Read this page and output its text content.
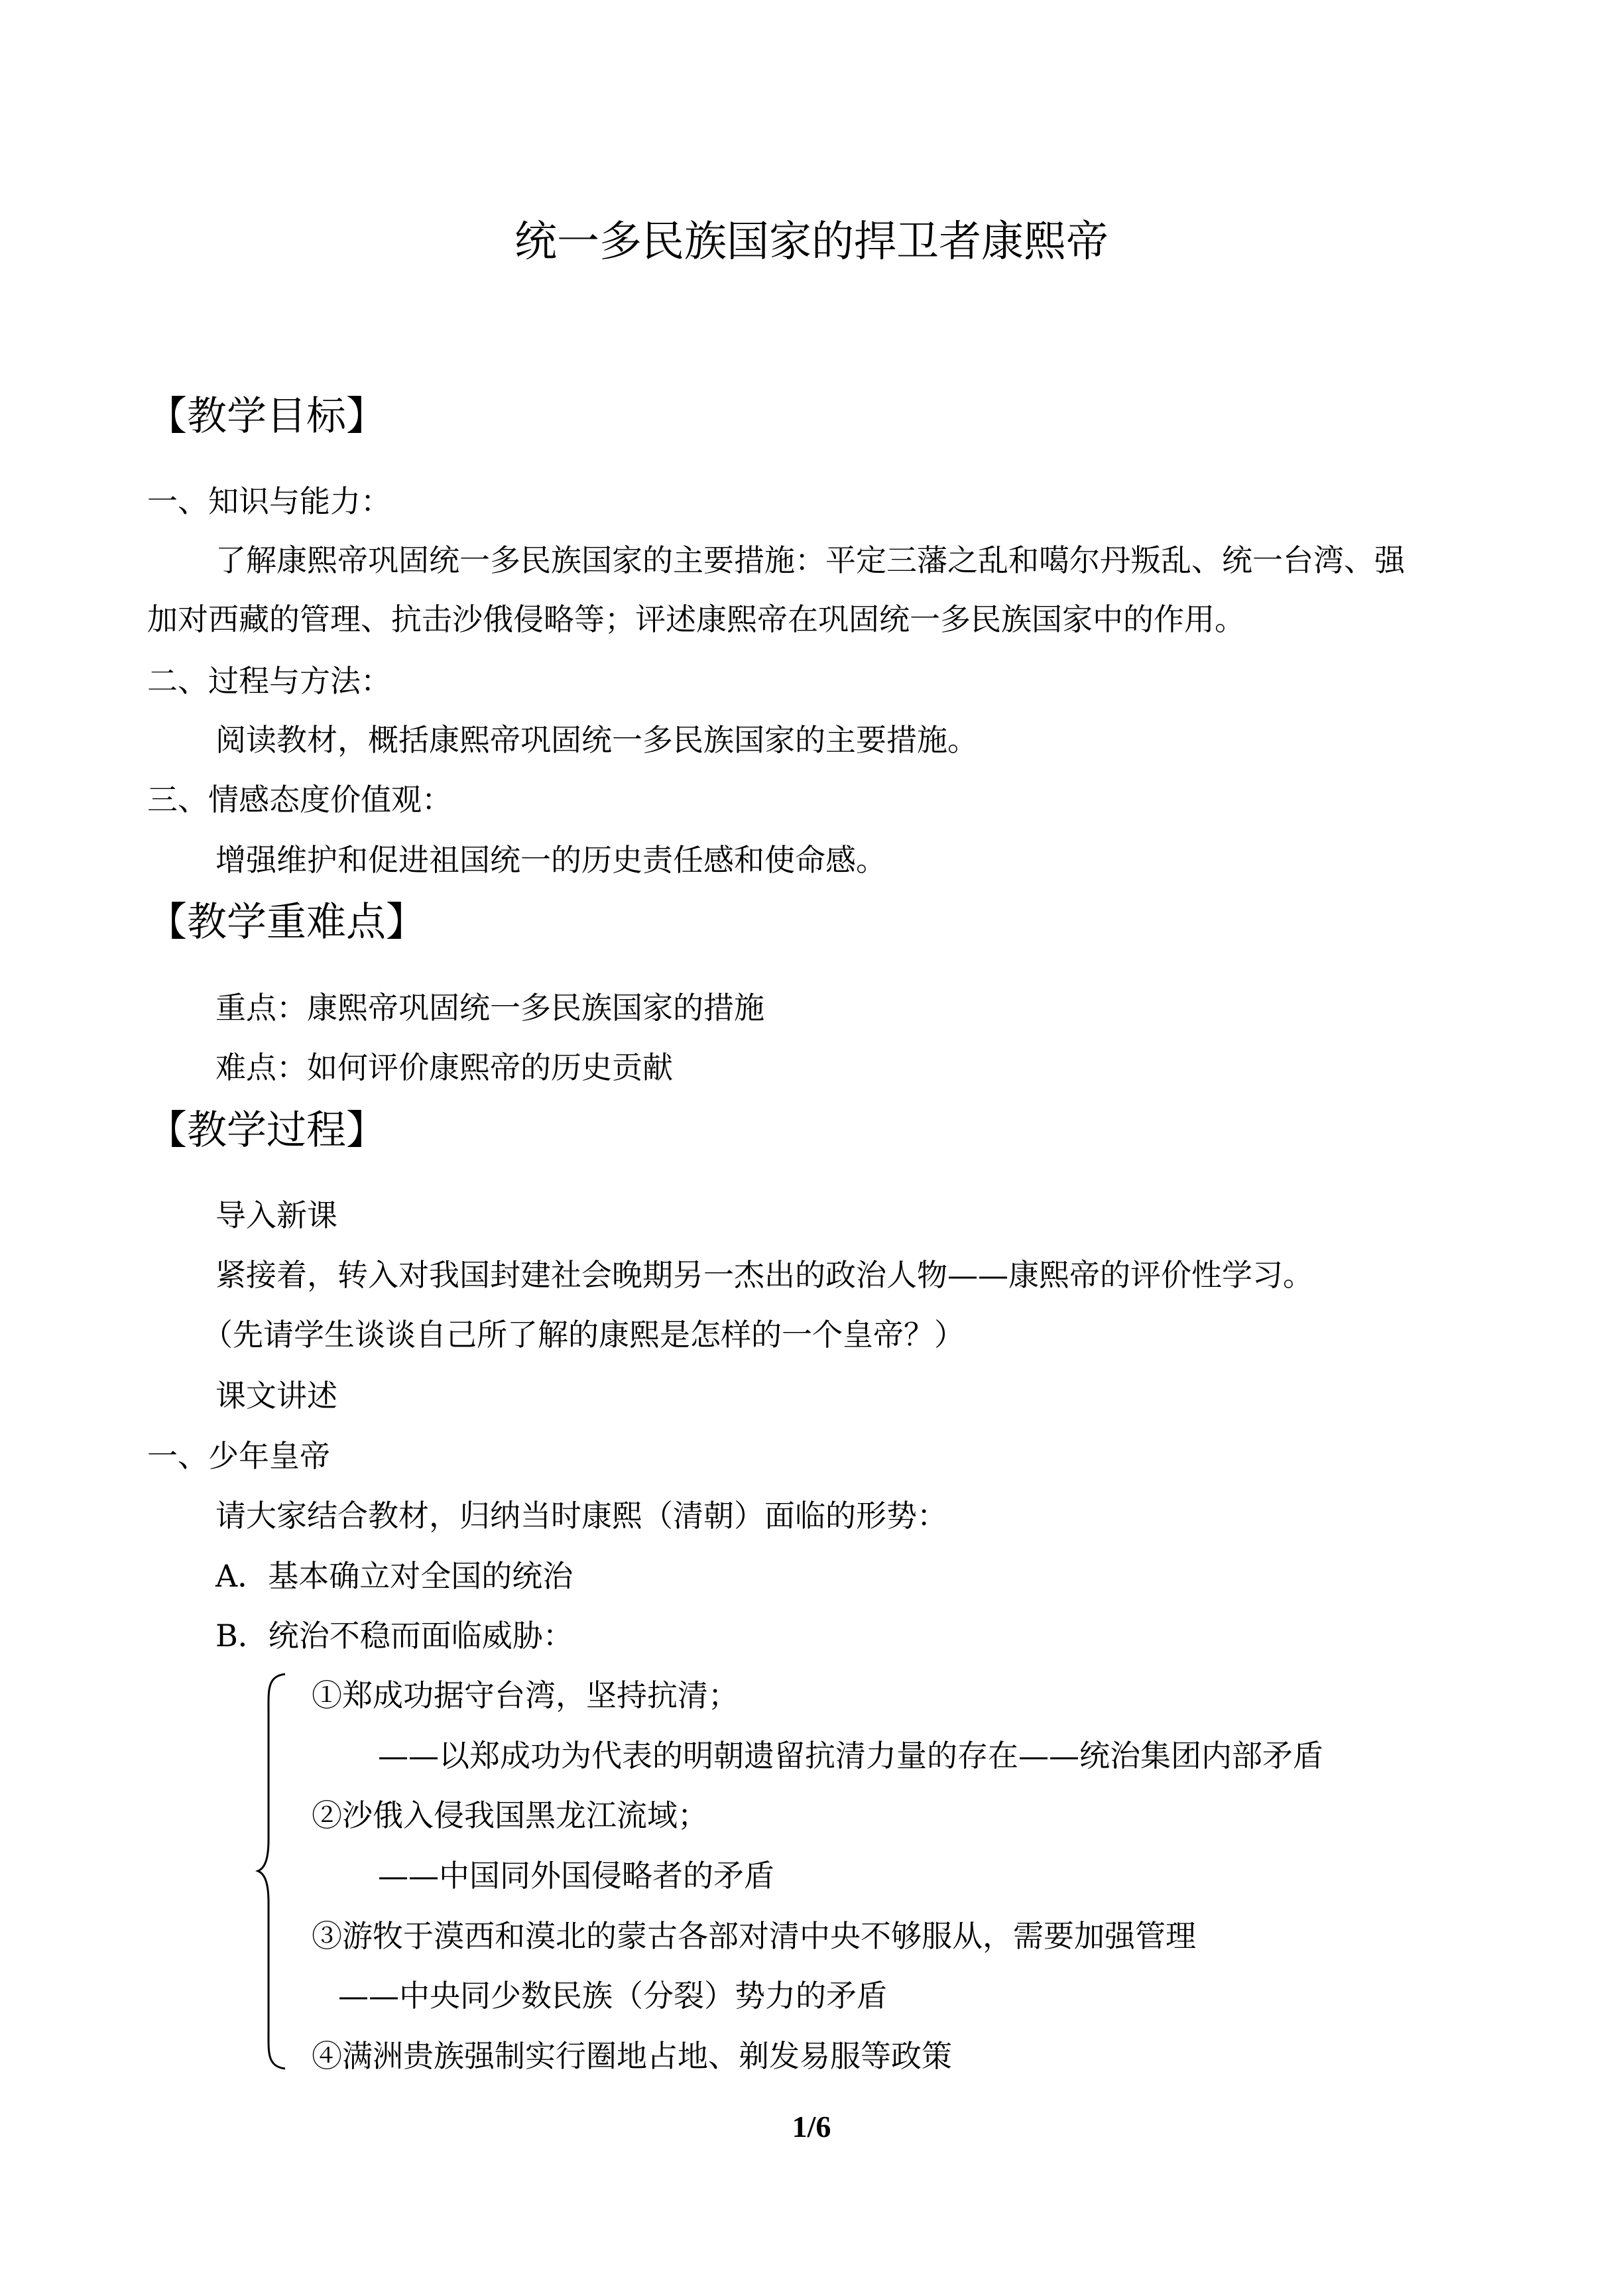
统一多民族国家的捍卫者康熙帝
【教学目标】
一、知识与能力：
了解康熙帝巩固统一多民族国家的主要措施：平定三藩之乱和噶尔丹叛乱、统一台湾、强
加对西藏的管理、抗击沙俄侵略等；评述康熙帝在巩固统一多民族国家中的作用。
二、过程与方法：
阅读教材，概括康熙帝巩固统一多民族国家的主要措施。
三、情感态度价值观：
增强维护和促进祖国统一的历史责任感和使命感。
【教学重难点】
重点：康熙帝巩固统一多民族国家的措施
难点：如何评价康熙帝的历史贡献
【教学过程】
导入新课
紧接着，转入对我国封建社会晚期另一杰出的政治人物——康熙帝的评价性学习。
（先请学生谈谈自己所了解的康熙是怎样的一个皇帝？）
课文讲述
一、少年皇帝
请大家结合教材，归纳当时康熙（清朝）面临的形势：
A．基本确立对全国的统治
B．统治不稳而面临威胁：
①郑成功据守台湾，坚持抗清；
——以郑成功为代表的明朝遗留抗清力量的存在——统治集团内部矛盾
②沙俄入侵我国黑龙江流域；
——中国同外国侵略者的矛盾
③游牧于漠西和漠北的蒙古各部对清中央不够服从，需要加强管理
——中央同少数民族（分裂）势力的矛盾
④满洲贵族强制实行圈地占地、剃发易服等政策
1/6
